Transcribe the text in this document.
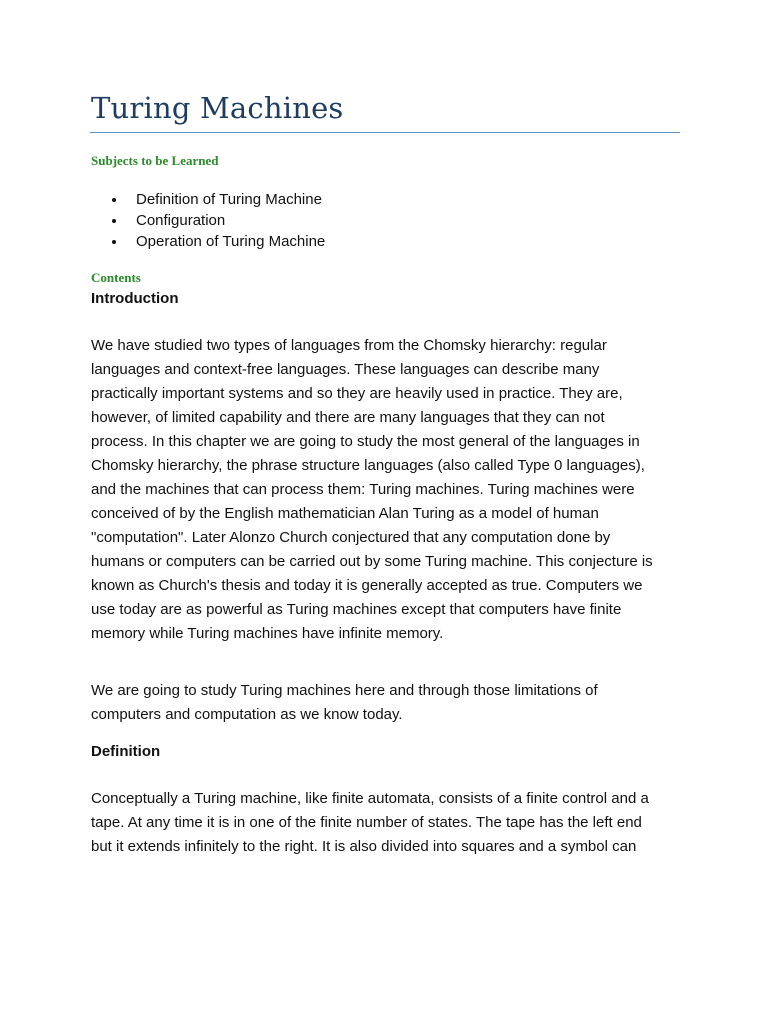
Turing Machines
Subjects to be Learned
Definition of Turing Machine
Configuration
Operation of Turing Machine
Contents
Introduction

We have studied two types of languages from the Chomsky hierarchy: regular
languages and context-free languages. These languages can describe many
practically important systems and so they are heavily used in practice. They are,
however, of limited capability and there are many languages that they can not
process. In this chapter we are going to study the most general of the languages in
Chomsky hierarchy, the phrase structure languages (also called Type 0 languages),
and the machines that can process them: Turing machines. Turing machines were
conceived of by the English mathematician Alan Turing as a model of human
"computation". Later Alonzo Church conjectured that any computation done by
humans or computers can be carried out by some Turing machine. This conjecture is
known as Church's thesis and today it is generally accepted as true. Computers we
use today are as powerful as Turing machines except that computers have finite
memory while Turing machines have infinite memory.

We are going to study Turing machines here and through those limitations of
computers and computation as we know today.

Definition

Conceptually a Turing machine, like finite automata, consists of a finite control and a
tape. At any time it is in one of the finite number of states. The tape has the left end
but it extends infinitely to the right. It is also divided into squares and a symbol can
